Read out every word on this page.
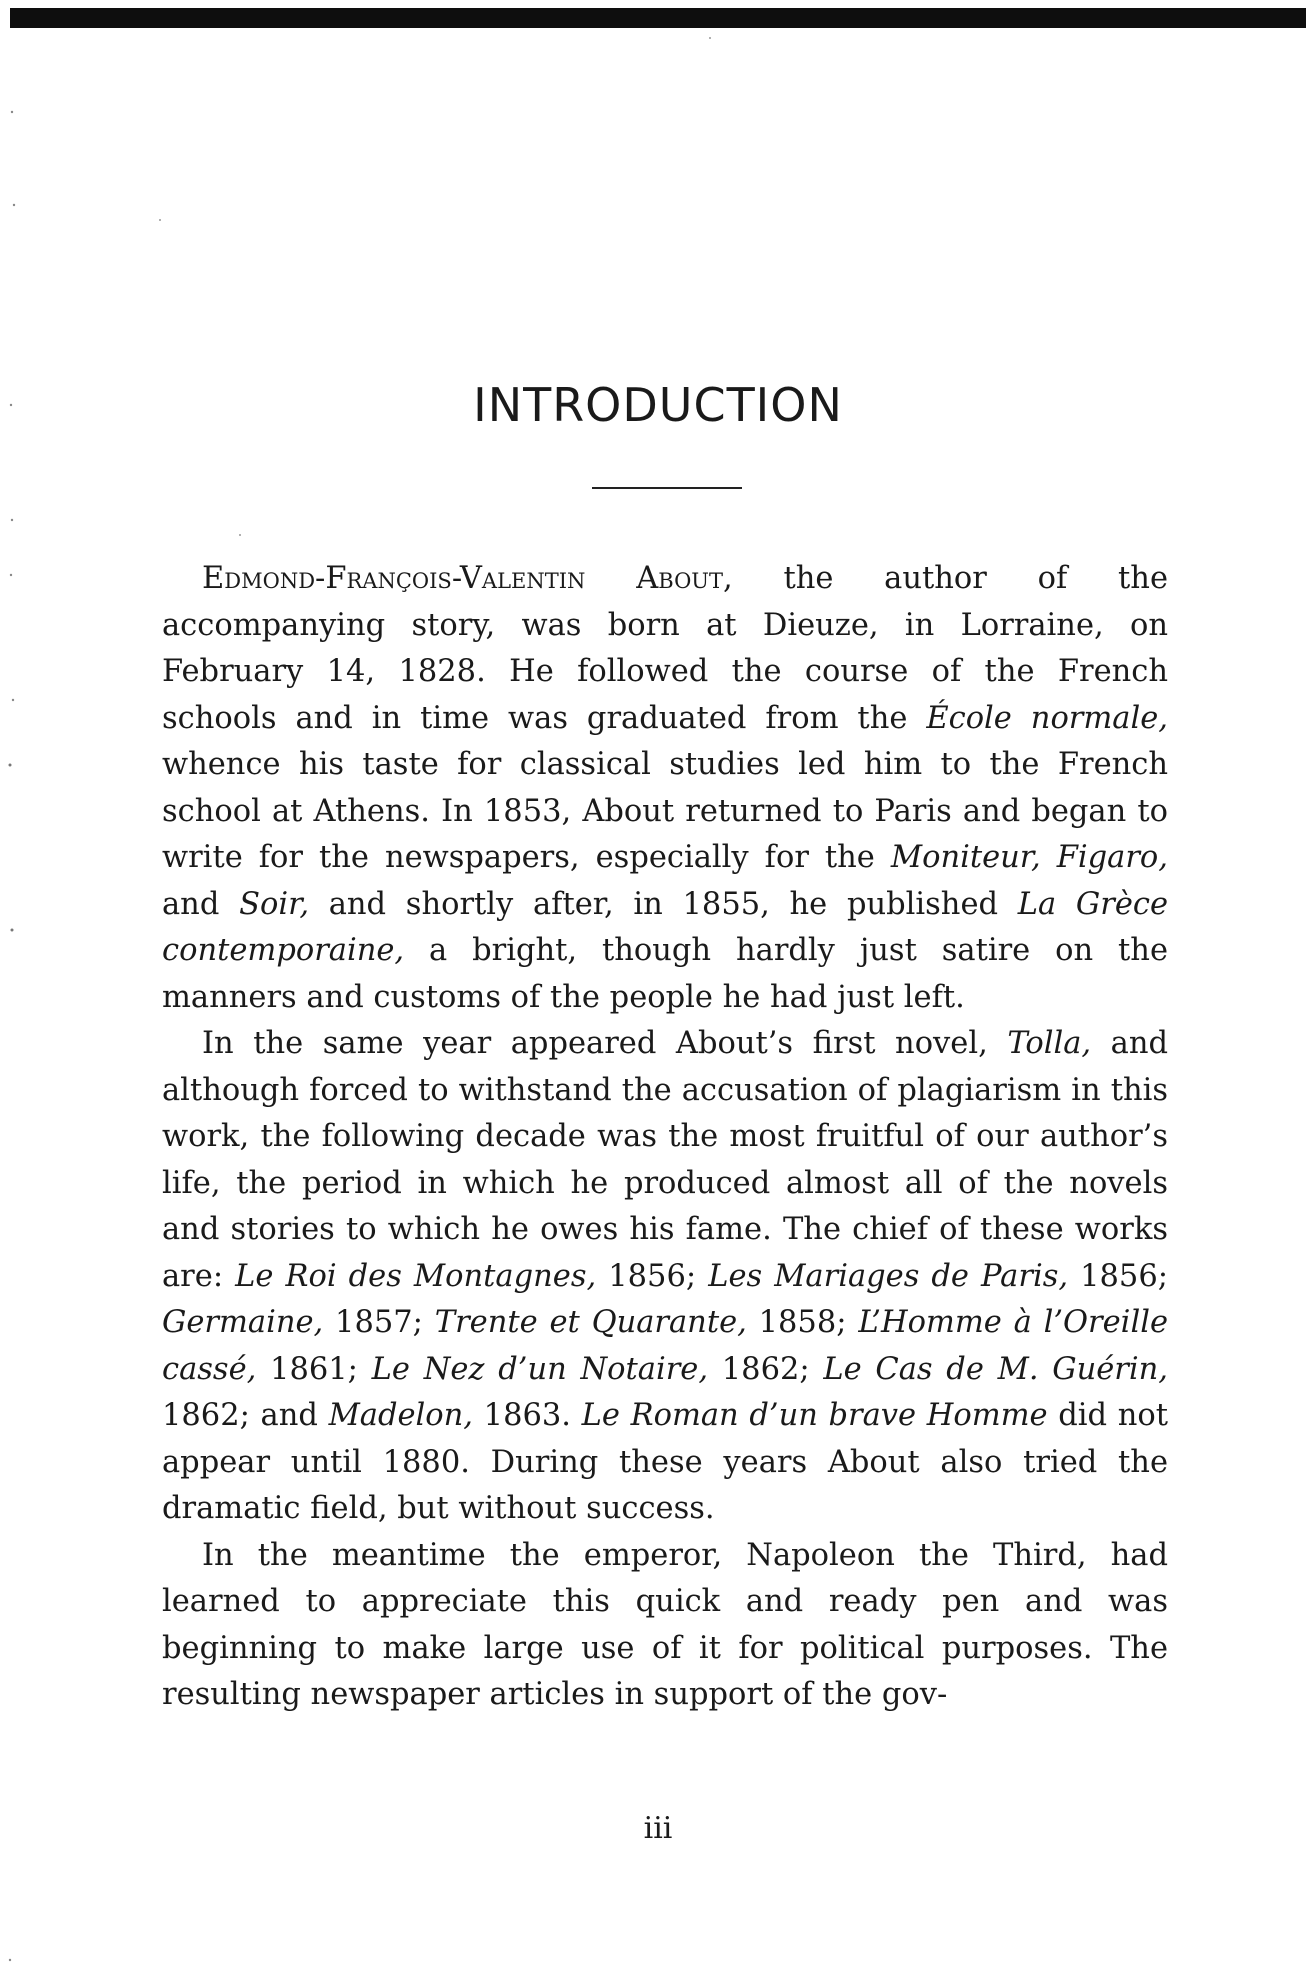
INTRODUCTION

Edmond-François-Valentin About, the author of the accompanying story, was born at Dieuze, in Lorraine, on February 14, 1828. He followed the course of the French schools and in time was graduated from the École normale, whence his taste for classical studies led him to the French school at Athens. In 1853, About returned to Paris and began to write for the newspapers, especially for the Moniteur, Figaro, and Soir, and shortly after, in 1855, he published La Grèce contemporaine, a bright, though hardly just satire on the manners and customs of the people he had just left.

In the same year appeared About’s first novel, Tolla, and although forced to withstand the accusation of plagiarism in this work, the following decade was the most fruitful of our author’s life, the period in which he produced almost all of the novels and stories to which he owes his fame. The chief of these works are: Le Roi des Montagnes, 1856; Les Mariages de Paris, 1856; Germaine, 1857; Trente et Quarante, 1858; L’Homme à l’Oreille cassé, 1861; Le Nez d’un Notaire, 1862; Le Cas de M. Guérin, 1862; and Madelon, 1863. Le Roman d’un brave Homme did not appear until 1880. During these years About also tried the dramatic field, but without success.

In the meantime the emperor, Napoleon the Third, had learned to appreciate this quick and ready pen and was beginning to make large use of it for political purposes. The resulting newspaper articles in support of the gov-

iii
